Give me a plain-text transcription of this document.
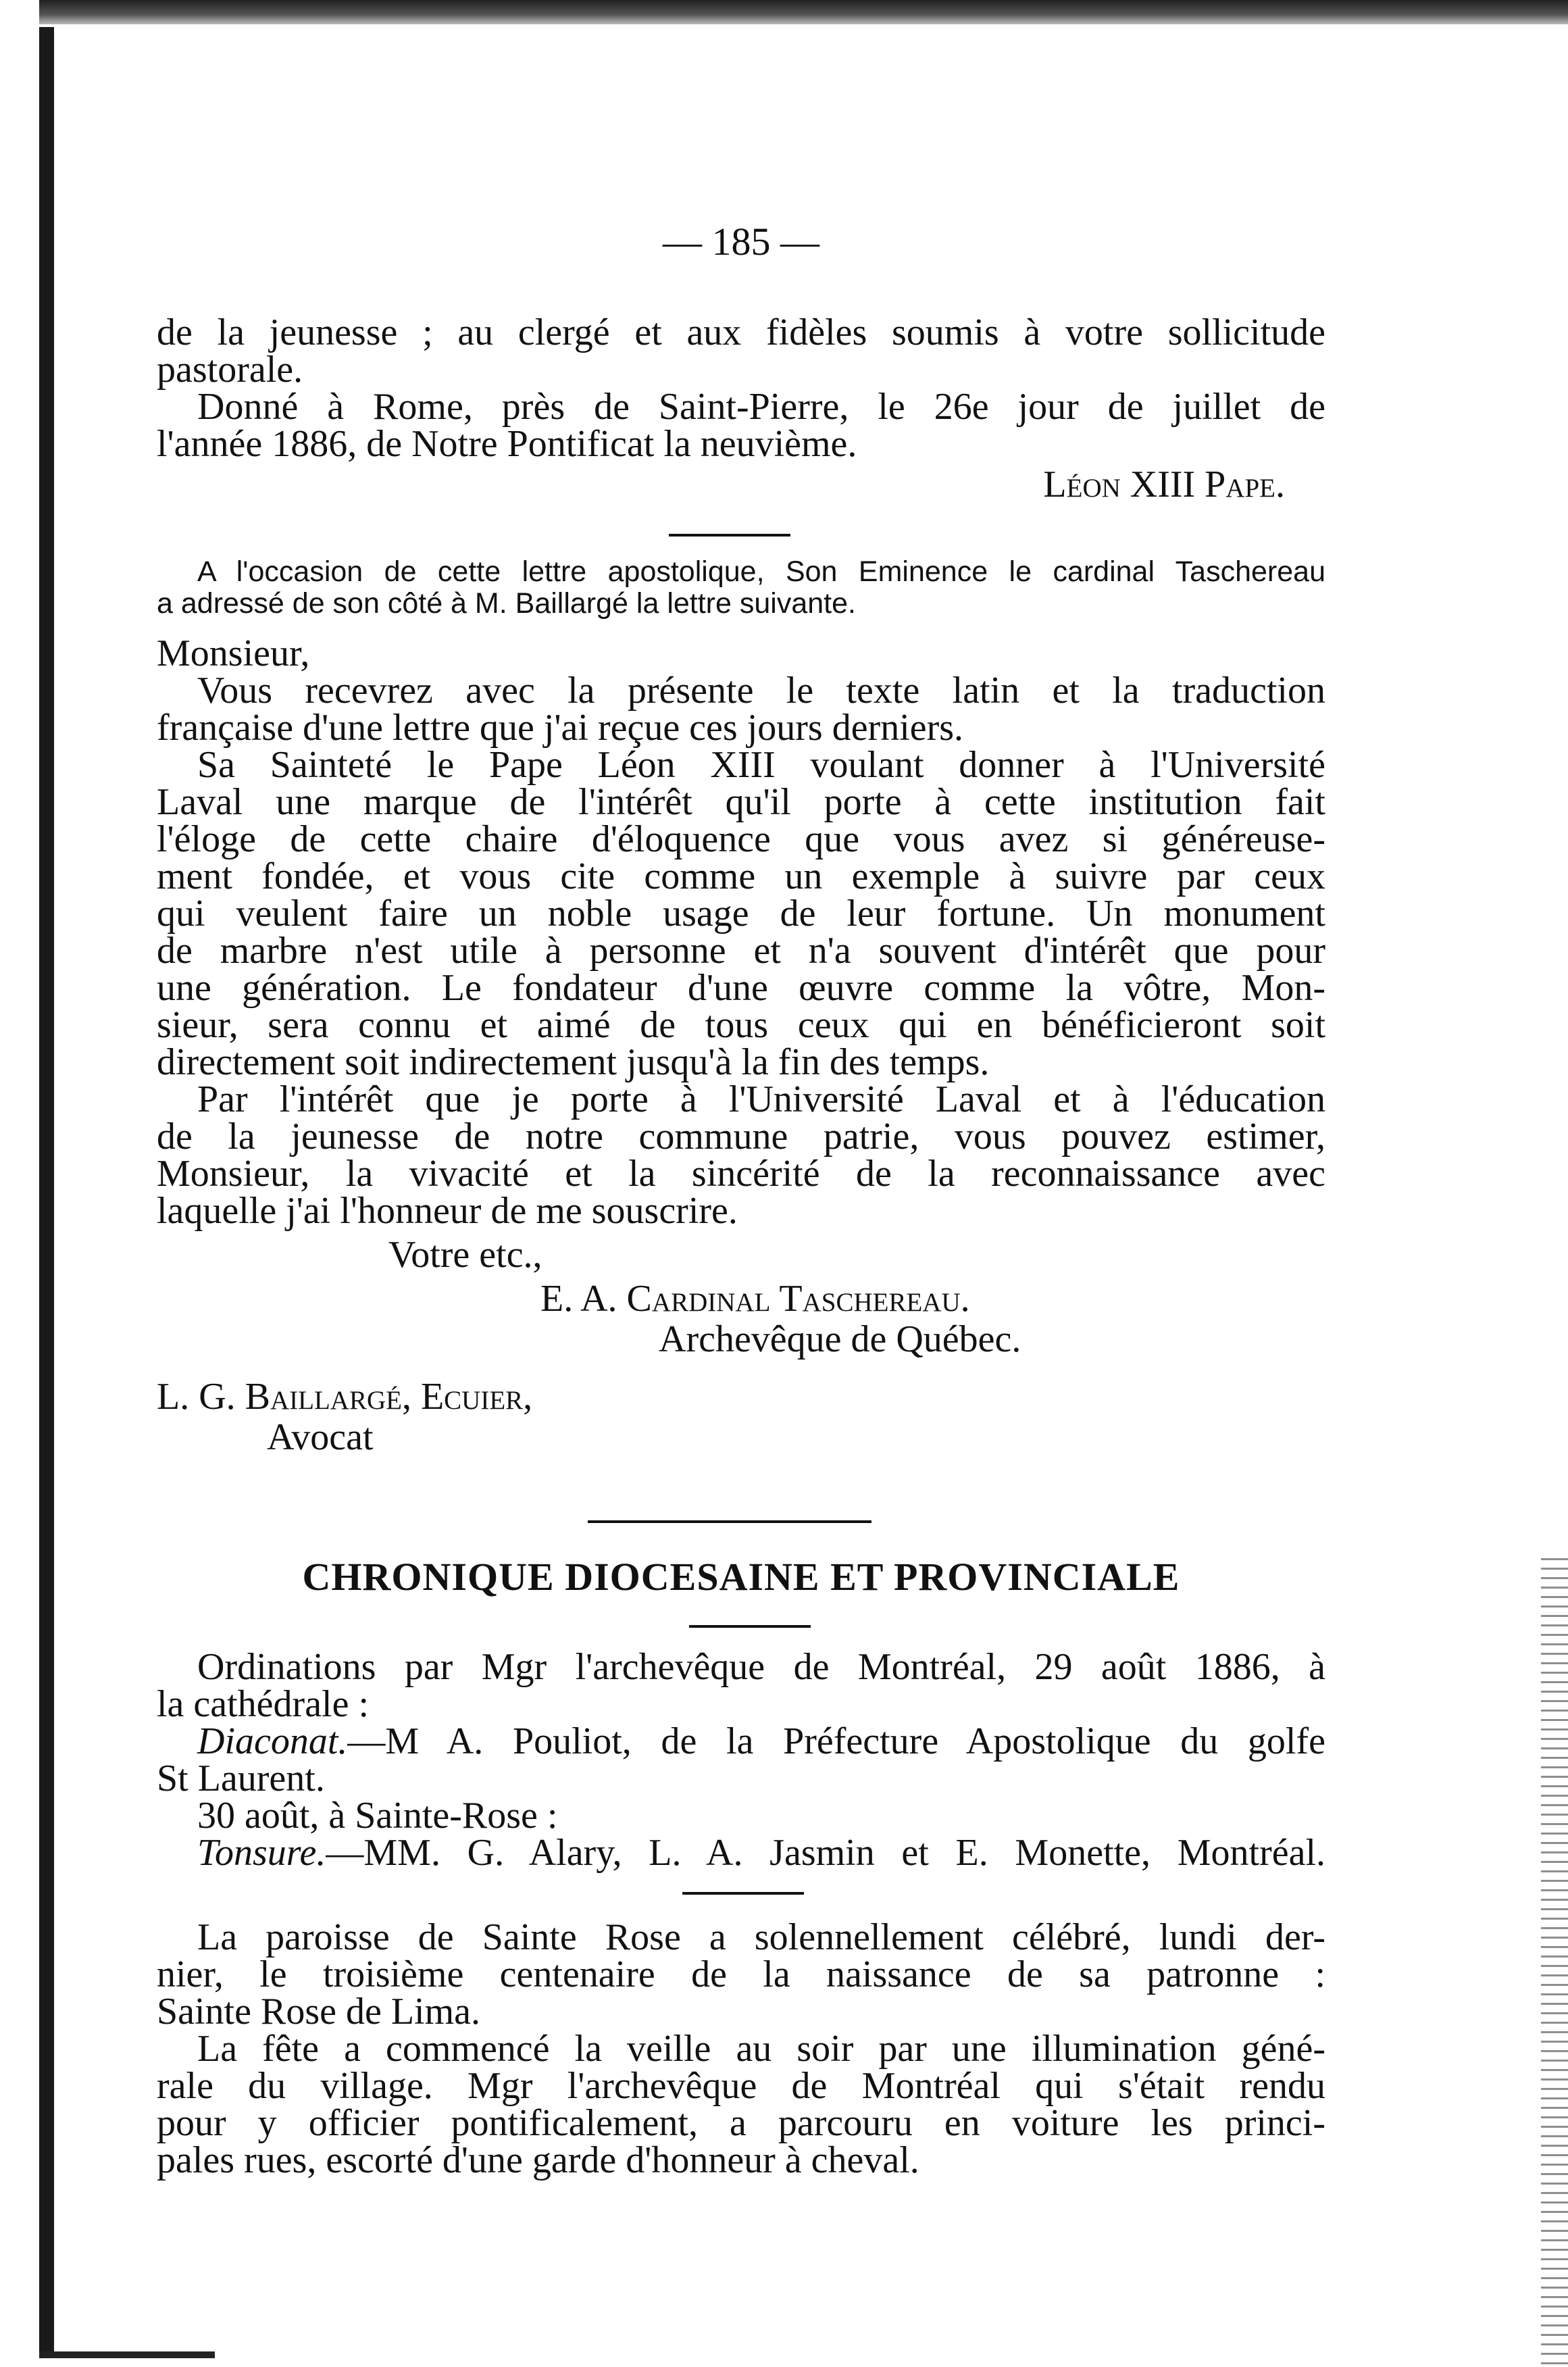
— 185 —
de la jeunesse ; au clergé et aux fidèles soumis à votre sollicitude
pastorale.
Donné à Rome, près de Saint-Pierre, le 26e jour de juillet de
l'année 1886, de Notre Pontificat la neuvième.
Léon XIII Pape.
A l'occasion de cette lettre apostolique, Son Eminence le cardinal Taschereau
a adressé de son côté à M. Baillargé la lettre suivante.
Monsieur,
Vous recevrez avec la présente le texte latin et la traduction
française d'une lettre que j'ai reçue ces jours derniers.
Sa Sainteté le Pape Léon XIII voulant donner à l'Université
Laval une marque de l'intérêt qu'il porte à cette institution fait
l'éloge de cette chaire d'éloquence que vous avez si généreuse-
ment fondée, et vous cite comme un exemple à suivre par ceux
qui veulent faire un noble usage de leur fortune. Un monument
de marbre n'est utile à personne et n'a souvent d'intérêt que pour
une génération. Le fondateur d'une œuvre comme la vôtre, Mon-
sieur, sera connu et aimé de tous ceux qui en bénéficieront soit
directement soit indirectement jusqu'à la fin des temps.
Par l'intérêt que je porte à l'Université Laval et à l'éducation
de la jeunesse de notre commune patrie, vous pouvez estimer,
Monsieur, la vivacité et la sincérité de la reconnaissance avec
laquelle j'ai l'honneur de me souscrire.
Votre etc.,
E. A. Cardinal Taschereau.
Archevêque de Québec.
L. G. Baillargé, Ecuier,
Avocat
CHRONIQUE DIOCESAINE ET PROVINCIALE
Ordinations par Mgr l'archevêque de Montréal, 29 août 1886, à
la cathédrale :
Diaconat.—M A. Pouliot, de la Préfecture Apostolique du golfe
St Laurent.
30 août, à Sainte-Rose :
Tonsure.—MM. G. Alary, L. A. Jasmin et E. Monette, Montréal.
La paroisse de Sainte Rose a solennellement célébré, lundi der-
nier, le troisième centenaire de la naissance de sa patronne :
Sainte Rose de Lima.
La fête a commencé la veille au soir par une illumination géné-
rale du village. Mgr l'archevêque de Montréal qui s'était rendu
pour y officier pontificalement, a parcouru en voiture les princi-
pales rues, escorté d'une garde d'honneur à cheval.
